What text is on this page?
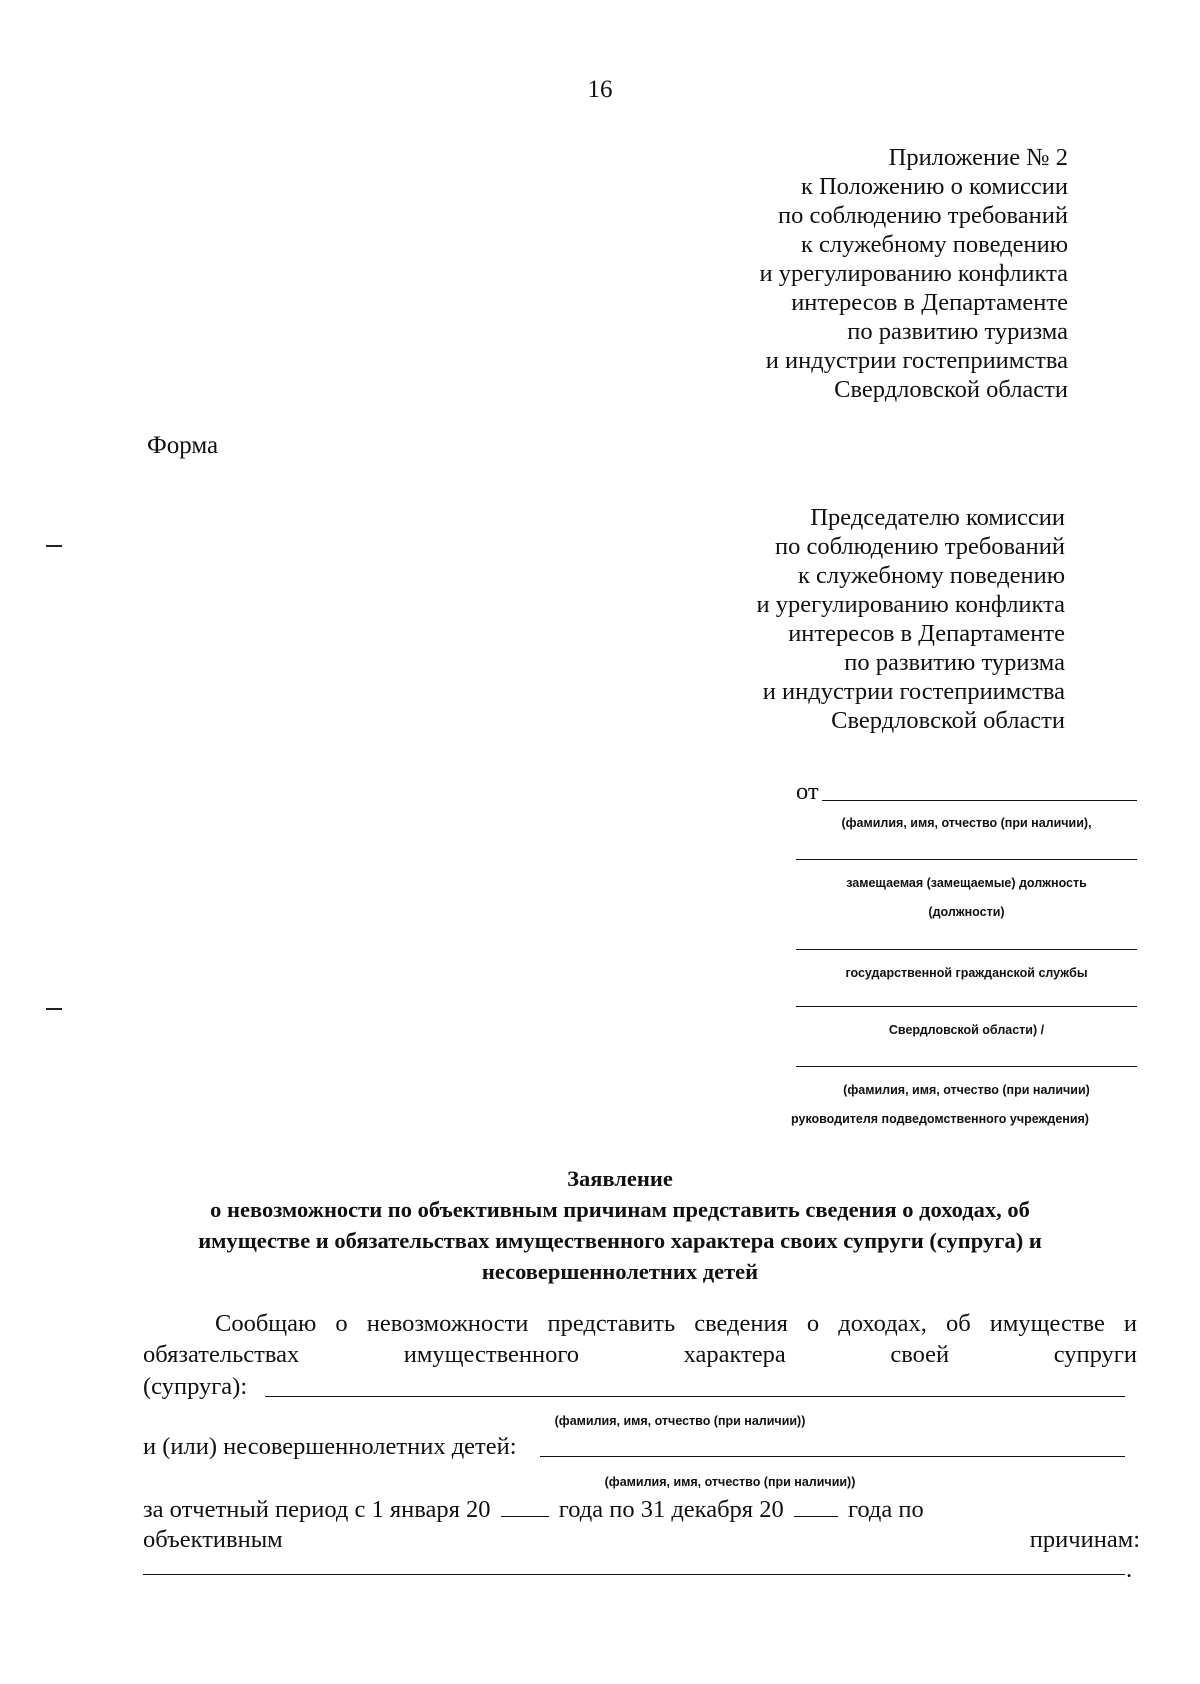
16
Приложение № 2
к Положению о комиссии
по соблюдению требований
к служебному поведению
и урегулированию конфликта
интересов в Департаменте
по развитию туризма
и индустрии гостеприимства
Свердловской области
Форма
Председателю комиссии
по соблюдению требований
к служебному поведению
и урегулированию конфликта
интересов в Департаменте
по развитию туризма
и индустрии гостеприимства
Свердловской области
от
(фамилия, имя, отчество (при наличии),
замещаемая (замещаемые) должность
(должности)
государственной гражданской службы
Свердловской области) /
(фамилия, имя, отчество (при наличии)
руководителя подведомственного учреждения)
Заявление
о невозможности по объективным причинам представить сведения о доходах, об
имуществе и обязательствах имущественного характера своих супруги (супруга) и
несовершеннолетних детей
Сообщаю о невозможности представить сведения о доходах, об имуществе и
обязательствах	имущественного	характера	своей	супруги
(супруга):
(фамилия, имя, отчество (при наличии))
и (или) несовершеннолетних детей:
(фамилия, имя, отчество (при наличии))
за отчетный период с 1 января 20	года по 31 декабря 20	года по
объективным	причинам:
.
